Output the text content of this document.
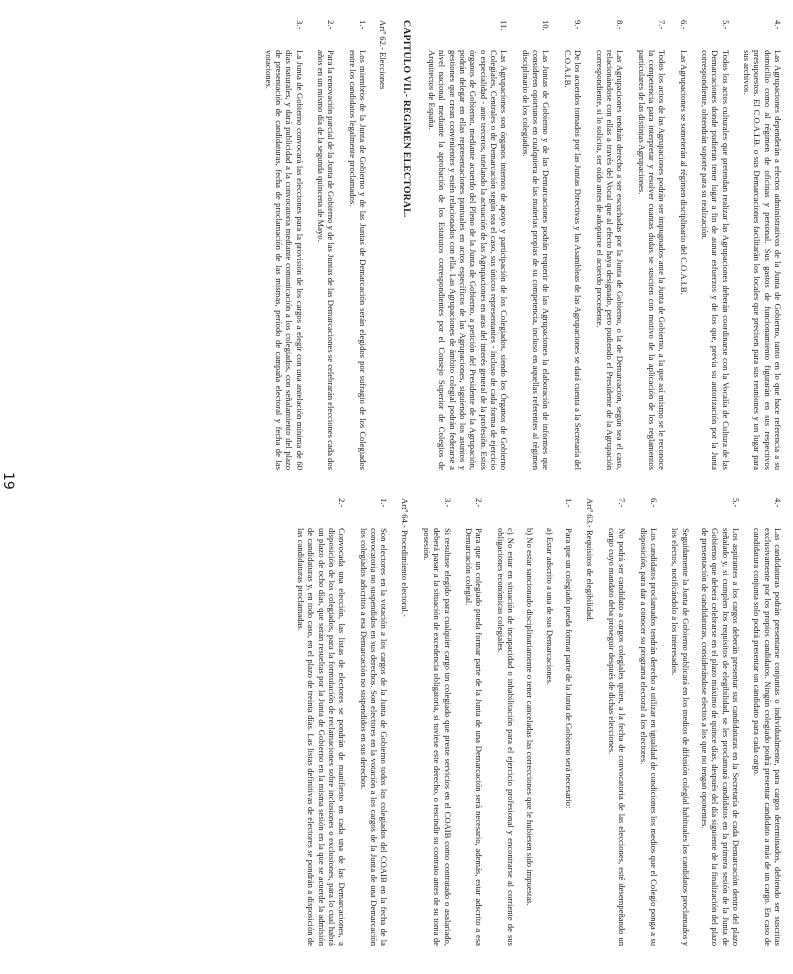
4.-
Las Agrupaciones dependerán a efectos administrativos de la Junta de Gobierno, tanto en lo que hace referencia a su domicilio como al régimen de oficinas y personal. Sus gastos de funcionamiento figurarán en sus respectivos presupuestos. El C.O.A.I.B. o sus Demarcaciones facilitarán los locales que precisen para sus reuniones y un lugar para sus archivos.
5.-
Todos los actos culturales que pretendan realizar las Agrupaciones deberán coordinarse con la Vocalía de Cultura de las Demarcaciones donde pudieran tener lugar a fin de aunar esfuerzos y de los que, previa su autorización por la Junta correspondiente, obtendrán soporte para su realización.
6.-
Las Agrupaciones se someterán al régimen disciplinario del C.O.A.I.B.
7.-
Todos los actos de las Agrupaciones podrán ser impugnados ante la Junta de Gobierno, a la que así mismo se le reconoce la competencia para interpretar y resolver cuantas dudas se susciten con motivo de la aplicación de los reglamentos particulares de las distintas Agrupaciones.
8.-
Las Agrupaciones tendrán derecho a ser escuchadas por la Junta de Gobierno, o la de Demarcación, según sea el caso, relacionándose con ellas a través del Vocal que al efecto haya designado, pero pudiendo el Presidente de la Agrupación correspondiente, si lo solicita, ser oído antes de adoptarse el acuerdo procedente.
9.-
De los acuerdos tomados por las Juntas Directivas y las Asambleas de las Agrupaciones se dará cuenta a la Secretaría del C.O.A.I.B.
10.
Las Juntas de Gobierno y de las Demarcaciones podrán requerir de las Agrupaciones la elaboración de informes que consideren oportunos en cualquiera de las materias propias de su competencia, incluso en aquellas referentes al régimen disciplinario de los colegiados.
11.
Las Agrupaciones son órganos internos de apoyo y participación de los Colegiados, siendo los Órganos de Gobierno Colegiales, Centrales o de Demarcación según sea el caso, sus únicos representantes - incluso de cada forma de ejercicio o especialidad - ante terceros, tutelando la actuación de las Agrupaciones en aras del interés general de la profesión. Estos órganos de Gobierno, mediante acuerdo del Pleno de la Junta de Gobierno, a petición del Presidente de la Agrupación, podrán delegar en ellas representaciones puntuales en actos específicos de las Agrupaciones, siguiendo los asuntos y gestiones que crean convenientes y estén relacionados con ella. Las Agrupaciones de ámbito colegial podrán federarse a nivel nacional mediante la aprobación de los Estatutos correspondientes por el Consejo Superior de Colegios de Arquitectos de España.
CAPITULO VII.- REGIMEN ELECTORAL.
Artº 62.- Elecciones
1.-
Los miembros de la Junta de Gobierno y de las Juntas de Demarcación serán elegidos por sufragio de los Colegiados entre los candidatos legalmente proclamados.
2.-
Para la renovación parcial de la Junta de Gobierno y de las Juntas de las Demarcaciones se celebrarán elecciones cada dos años en un mismo día de la segunda quincena de Mayo.
3.-
La Junta de Gobierno convocará las elecciones para la provisión de los cargos a elegir con una antelación mínima de 60 días naturales, y dará publicidad a la convocatoria mediante comunicación a los colegiados, con señalamiento del plazo de presentación de candidaturas, fecha de proclamación de las mismas, período de campaña electoral y fecha de las votaciones.
4.-
Las candidaturas podrán presentarse conjuntas o individualmente, para cargos determinados, debiendo ser suscritas exclusivamente por los propios candidatos. Ningún colegiado podrá presentar candidato a más de un cargo. En caso de candidatura conjunta solo podrá presentar un candidato para cada cargo.
5.-
Los aspirantes a los cargos deberán presentar sus candidaturas en la Secretaría de cada Demarcación dentro del plazo señalado y, si cumplen los requisitos de elegibilidad, se les proclamará candidatos en la primera sesión de la Junta de Gobierno que deberá celebrarse en el plazo máximo de quince días, después del día siguiente de la finalización del plazo de presentación de candidaturas, considerándose electos a los que no tengan oponentes.
Seguidamente la Junta de Gobierno publicará en los medios de difusión colegial habituales los candidatos proclamados y los electos, notificándolo a los interesados.
6.-
Los candidatos proclamados tendrán derecho a utilizar en igualdad de condiciones los medios que el Colegio ponga a su disposición, para dar a conocer su programa electoral a los electores.
7.-
No podrá ser candidato a cargos colegiales quien, a la fecha de convocatoria de las elecciones, esté desempeñando un cargo cuyo mandato deba proseguir después de dichas elecciones.
Artº 63.- Requisitos de elegibilidad.
1.-
Para que un colegiado pueda formar parte de la Junta de Gobierno será necesario:
a) Estar adscrito a una de sus Demarcaciones.
b) No estar sancionado disciplinariamente o tener canceladas las correcciones que le hubiesen sido impuestas.
c) No estar en situación de incapacidad o inhabilitación para el ejercicio profesional y encontrarse al corriente de sus obligaciones económicas colegiales.
2.-
Para que un colegiado pueda formar parte de la Junta de una Demarcación será necesario, además, estar adscrito a esa Demarcación colegial.
3.-
Si resultase elegido para cualquier cargo un colegiado que preste servicios en el COAIB como contratado o asalariado, deberá pasar a la situación de excedencia obligatoria, si tuviese este derecho, o rescindir su contrato antes de su toma de posesión.
Artº 64.- Procedimiento electoral.-
1.-
Son electores en la votación a los cargos de la Junta de Gobierno todos los colegiados del COAIB en la fecha de la convocatoria no suspendidos en sus derechos. Son electores en la votación a los cargos de la Junta de una Demarcación los colegiados adscritos a esa Demarcación no suspendidos en sus derechos.
2.-
Convocada una elección, las listas de electores se pondrán de manifiesto en cada una de las Demarcaciones, a disposición de los colegiados, para la formulación de reclamaciones sobre inclusiones o exclusiones, para lo cual habrá un plazo de ocho días, que serán resueltas por la Junta de Gobierno en la misma sesión en la que se acuerde la admisión de candidaturas y, en todo caso, en el plazo de treinta días. Las listas definitivas de electores se pondrán a disposición de las candidaturas proclamadas.
19
